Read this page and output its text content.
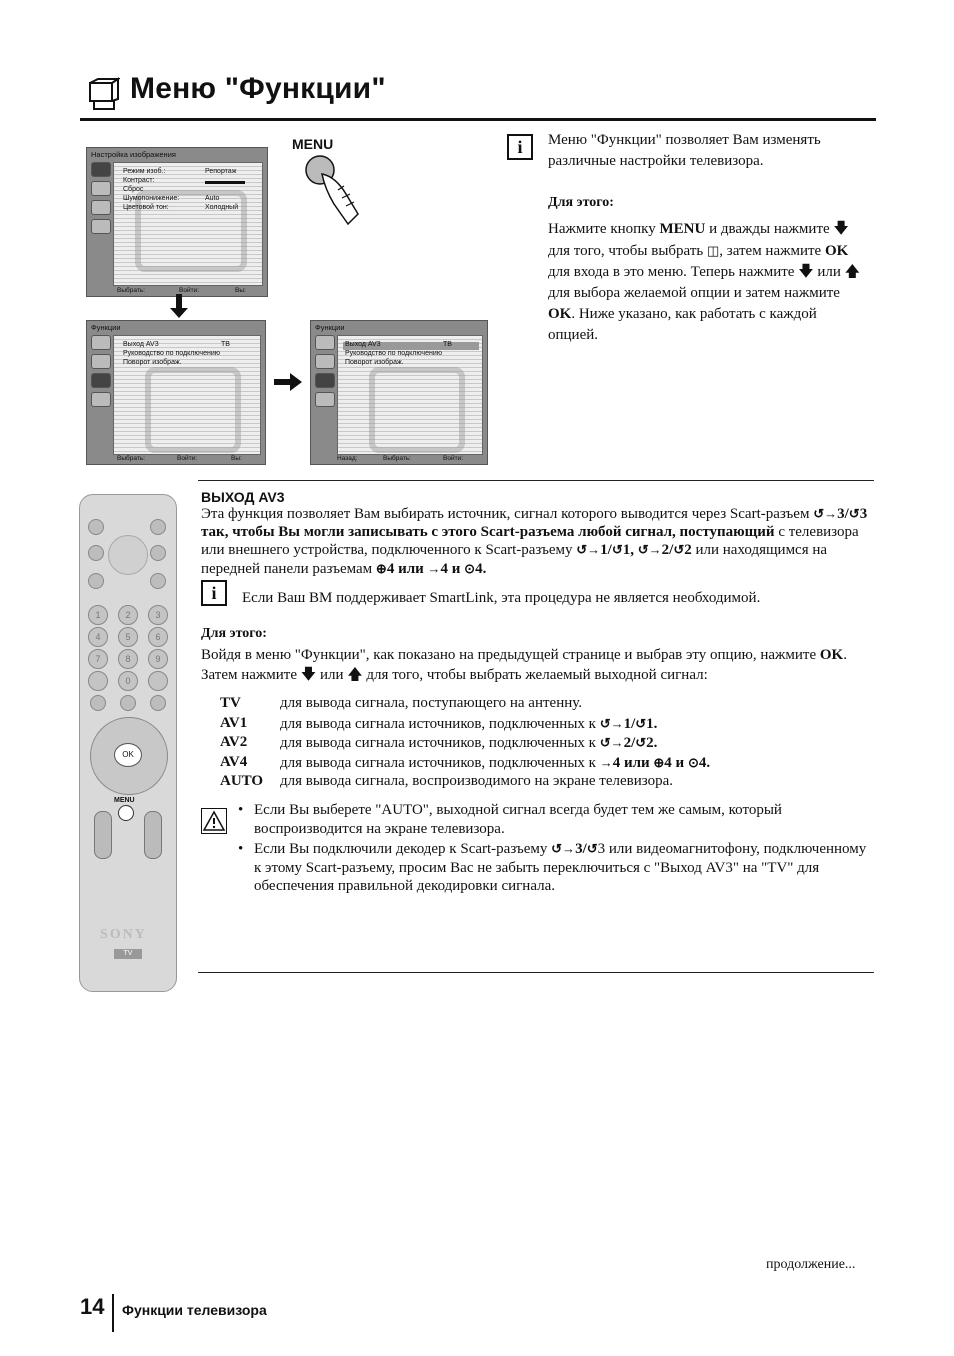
Меню "Функции"
Настройка изображения
Режим изоб.:	Репортаж
Контраст:
Сброс
Шумопонижение:	Auto
Цветовой тон:	Холодный
Выбрать:	Войти:	Вы:
MENU
Функции
Выход AV3	ТВ
Руководство по подключению
Поворот изображ.
Выбрать:	Войти:	Вы:
Функции
Выход AV3	ТВ
Руководство по подключению
Поворот изображ.
Назад:	Выбрать:	Войти:
i	Меню "Функции" позволяет Вам изменять различные настройки телевизора.
Для этого:
Нажмите кнопку MENU и дважды нажмите 🡇 для того, чтобы выбрать ◫, затем нажмите OK для входа в это меню. Теперь нажмите 🡇 или 🡅 для выбора желаемой опции и затем нажмите OK. Ниже указано, как работать с каждой опцией.
1	2	3
4	5	6
7	8	9
0
OK
MENU
SONY
TV
ВЫХОД AV3
Эта функция позволяет Вам выбирать источник, сигнал которого выводится через Scart-разъем ↺→3/↺3 так, чтобы Вы могли записывать с этого Scart-разъема любой сигнал, поступающий с телевизора или внешнего устройства, подключенного к Scart-разъему ↺→1/↺1, ↺→2/↺2 или находящимся на передней панели разъемам ⊕4 или →4 и ⊙4.
i	Если Ваш ВМ поддерживает SmartLink, эта процедура не является необходимой.
Для этого:
Войдя в меню "Функции", как показано на предыдущей странице и выбрав эту опцию, нажмите OK. Затем нажмите 🡇 или 🡅 для того, чтобы выбрать желаемый выходной сигнал:
TV	для вывода сигнала, поступающего на антенну.
AV1 для вывода сигнала источников, подключенных к ↺→1/↺1.
AV2 для вывода сигнала источников, подключенных к ↺→2/↺2.
AV4 для вывода сигнала источников, подключенных к →4 или ⊕4 и ⊙4.
AUTO для вывода сигнала, воспроизводимого на экране телевизора.
• Если Вы выберете "AUTO", выходной сигнал всегда будет тем же самым, который воспроизводится на экране телевизора.
• Если Вы подключили декодер к Scart-разъему ↺→3/↺3 или видеомагнитофону, подключенному к этому Scart-разъему, просим Вас не забыть переключиться с "Выход AV3" на "TV" для обеспечения правильной декодировки сигнала.
продолжение...
14 Функции телевизора
